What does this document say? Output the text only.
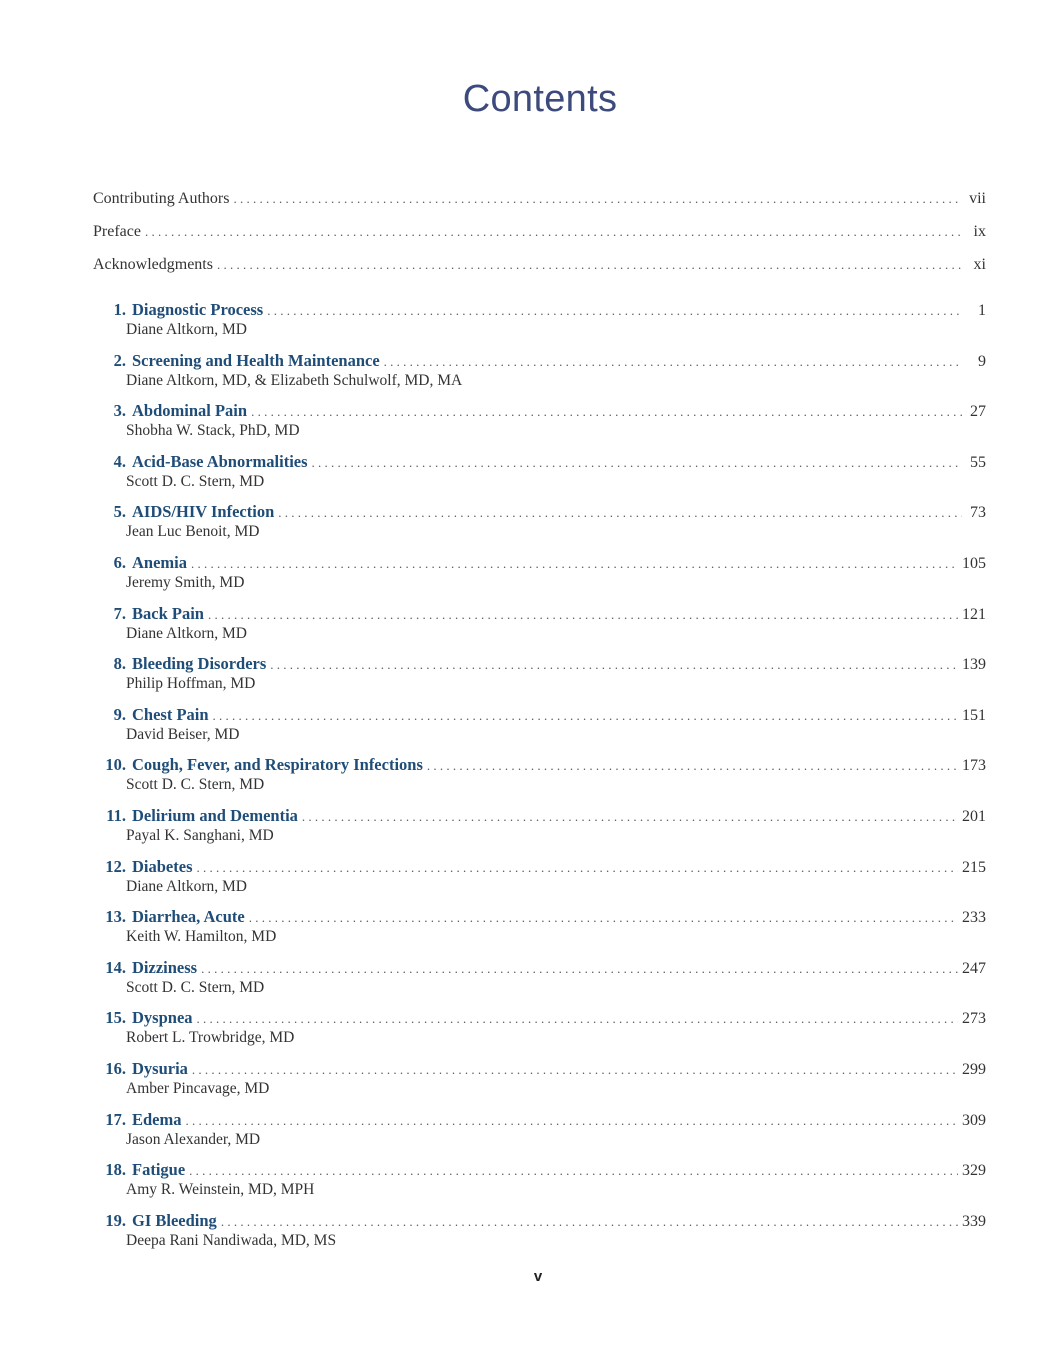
Contents
Contributing Authors . . .	vii
Preface . . .	ix
Acknowledgments . . .	xi
1. Diagnostic Process . . .	1
Diane Altkorn, MD
2. Screening and Health Maintenance . . .	9
Diane Altkorn, MD, & Elizabeth Schulwolf, MD, MA
3. Abdominal Pain . . .	27
Shobha W. Stack, PhD, MD
4. Acid-Base Abnormalities . . .	55
Scott D. C. Stern, MD
5. AIDS/HIV Infection . . .	73
Jean Luc Benoit, MD
6. Anemia . . .	105
Jeremy Smith, MD
7. Back Pain . . .	121
Diane Altkorn, MD
8. Bleeding Disorders . . .	139
Philip Hoffman, MD
9. Chest Pain . . .	151
David Beiser, MD
10. Cough, Fever, and Respiratory Infections . . .	173
Scott D. C. Stern, MD
11. Delirium and Dementia . . .	201
Payal K. Sanghani, MD
12. Diabetes . . .	215
Diane Altkorn, MD
13. Diarrhea, Acute . . .	233
Keith W. Hamilton, MD
14. Dizziness . . .	247
Scott D. C. Stern, MD
15. Dyspnea . . .	273
Robert L. Trowbridge, MD
16. Dysuria . . .	299
Amber Pincavage, MD
17. Edema . . .	309
Jason Alexander, MD
18. Fatigue . . .	329
Amy R. Weinstein, MD, MPH
19. GI Bleeding . . .	339
Deepa Rani Nandiwada, MD, MS
v
